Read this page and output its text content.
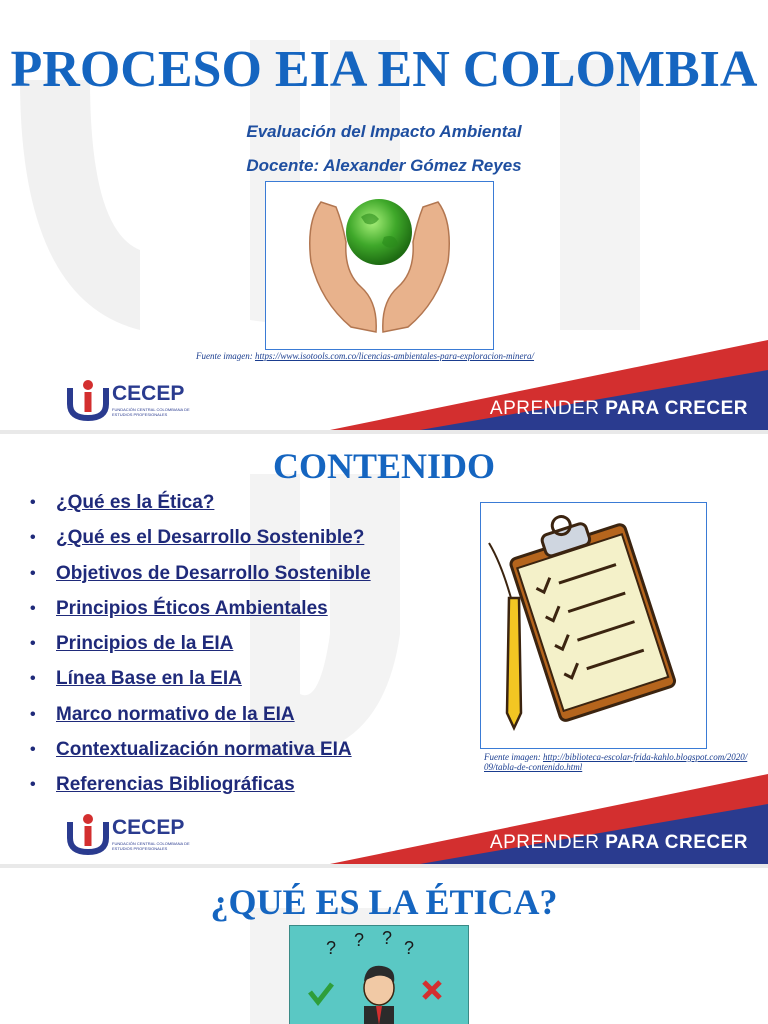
PROCESO EIA EN COLOMBIA
Evaluación del Impacto Ambiental
Docente: Alexander Gómez Reyes
Fuente imagen: https://www.isotools.com.co/licencias-ambientales-para-exploracion-minera/
APRENDER PARA CRECER
CECEP
FUNDACIÓN CENTRAL COLOMBIANA DE ESTUDIOS PROFESIONALES
CONTENIDO
• ¿Qué es la Ética?
• ¿Qué es el Desarrollo Sostenible?
• Objetivos de Desarrollo Sostenible
• Principios Éticos Ambientales
• Principios de la EIA
• Línea Base en la EIA
• Marco normativo de la EIA
• Contextualización normativa EIA
• Referencias Bibliográficas
Fuente imagen: http://biblioteca-escolar-frida-kahlo.blogspot.com/2020/09/tabla-de-contenido.html
APRENDER PARA CRECER
CECEP
FUNDACIÓN CENTRAL COLOMBIANA DE ESTUDIOS PROFESIONALES
¿QUÉ ES LA ÉTICA?
? ? ? ?
